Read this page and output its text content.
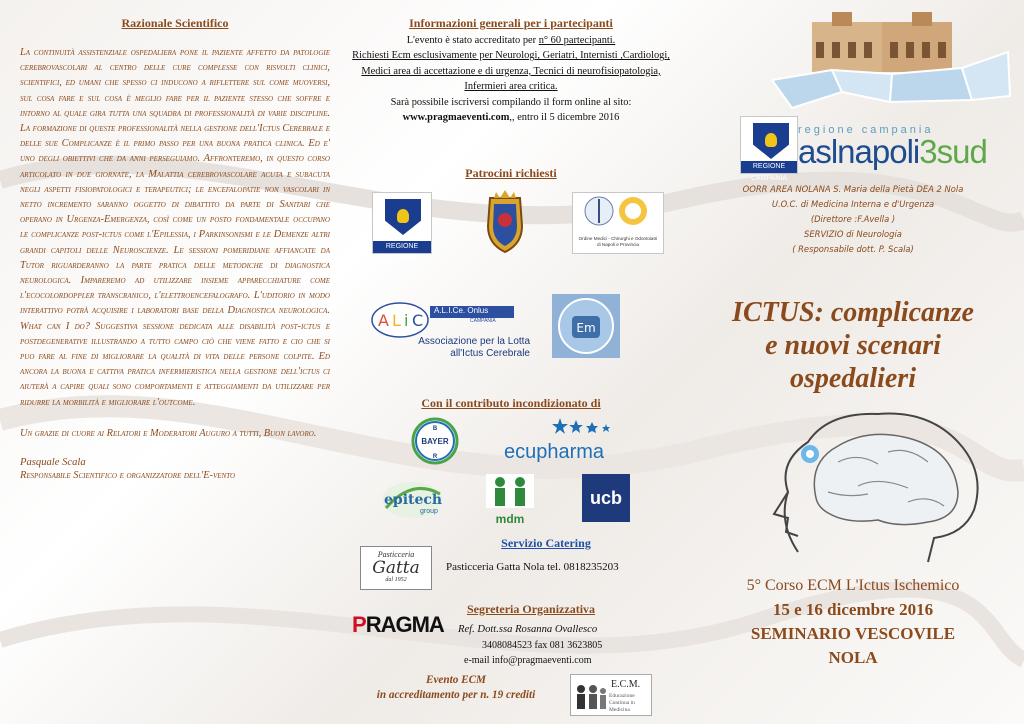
Razionale Scientifico
La continuità assistenziale ospedaliera pone il paziente affetto da patologie cerebrovascolari al centro delle cure complesse con risvolti clinici, scientifici, ed umani che spesso ci inducono a riflettere sul come muoversi, sul cosa fare e sul cosa è meglio fare per il paziente stesso che soffre e intorno al quale gira tutta una squadra di professionalità di varie discipline. La formazione di queste professionalità nella gestione dell'Ictus Cerebrale e delle sue Complicanze è il primo passo per una buona pratica clinica. Ed e' uno degli obiettivi che da anni perseguiamo. Affronteremo, in questo corso articolato in due giornate, la Malattia cerebrovascolare acuta e subacuta negli aspetti fisiopatologici e terapeutici; le encefalopatie non vascolari in netto incremento saranno oggetto di dibattito da parte di Sanitari che operano in Urgenza-Emergenza, così come un posto fondamentale occupano le complicanze post-ictus come l'Epilessia, i Parkinsonismi e le Demenze altri grandi capitoli delle Neuroscienze. Le sessioni pomeridiane affiancate da Tutor riguarderanno la parte pratica delle metodiche di diagnostica neurologica. Impareremo ad utilizzare insieme apparecchiature come l'ecocolordoppler transcranico, l'elettroencefalografo. L'uditorio in modo interattivo potrà acquisire i laboratori base della Diagnostica neurologica. What can I do? Suggestiva sessione dedicata alle disabilità post-ictus e postdegenerative illustrando a tutto campo ciò che viene fatto e cio che si puo fare al fine di migliorare la qualità di vita delle persone colpite. Ed ancora la buona e cattiva pratica infermieristica nella gestione dell'ictus ci aiuterà a capire quali sono comportamenti e atteggiamenti da utilizzare per ridurre la morbilità e migliorare l'outcome.
Un grazie di cuore ai Relatori e Moderatori Auguro a tutti, Buon lavoro.
Pasquale Scala
Responsabile Scientifico e organizzatore dell'E-vento
Informazioni generali per i partecipanti
L'evento è stato accreditato per n° 60 partecipanti.
Richiesti Ecm esclusivamente per Neurologi, Geriatri, Internisti ,Cardiologi, Medici area di accettazione e di urgenza, Tecnici di neurofisiopatologia, Infermieri area critica.
Sarà possibile iscriversi compilando il form online al sito:
www.pragmaeventi.com,, entro il 5 dicembre 2016
Patrocini richiesti
REGIONE CAMPANIA
Ordine Medici - Chirurghi e Odontoiatri di Napoli e Provincia
A L i C
A.L.I.Ce. Onlus
CAMPANIA
Associazione per la Lotta
all'Ictus Cerebrale
Em
Con il contributo incondizionato di
BAYER
B
R	ecupharma
epitech
group
mdm
ucb
Servizio Catering
Pasticceria
Gatta
dal 1952
Pasticceria Gatta Nola tel. 0818235203
Segreteria Organizzativa
PRAGMA Ref. Dott.ssa Rosanna Ovallesco
3408084523 fax 081 3623805
e-mail info@pragmaeventi.com
Evento ECM
in accreditamento per n. 19 crediti
E.C.M.
Educazione Continua in Medicina
REGIONE CAMPANIA
regione campania
aslnapoli3sud
OORR AREA NOLANA S. Maria della Pietà DEA 2 Nola
U.O.C. di Medicina Interna e d'Urgenza
(Direttore :F.Avella )
SERVIZIO di Neurologia
( Responsabile dott. P. Scala)
ICTUS: complicanze
e nuovi scenari
ospedalieri
5° Corso ECM L'Ictus Ischemico
15 e 16 dicembre 2016
SEMINARIO VESCOVILE
NOLA
